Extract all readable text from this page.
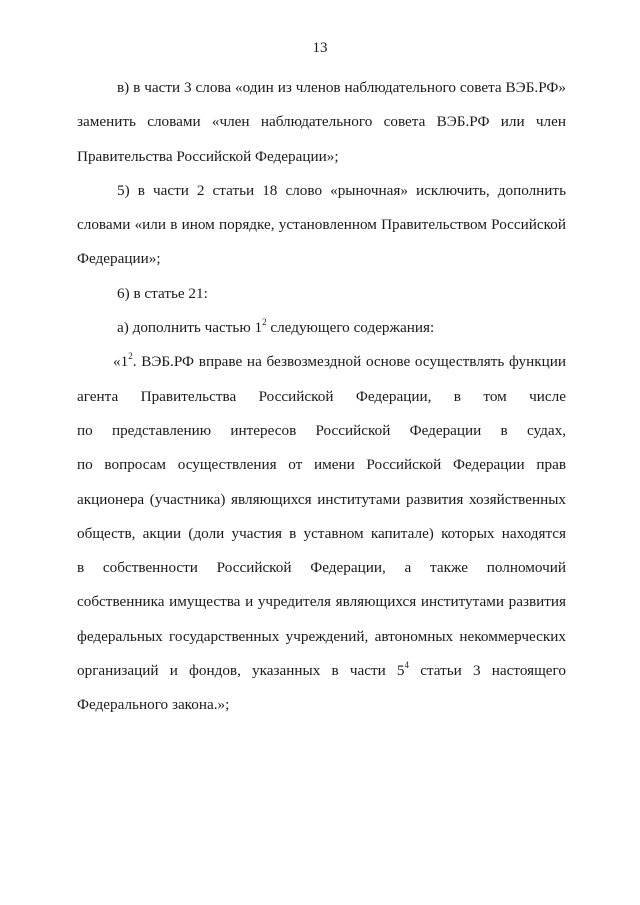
13
в) в части 3 слова «один из членов наблюдательного совета ВЭБ.РФ»
заменить словами «член наблюдательного совета ВЭБ.РФ или член
Правительства Российской Федерации»;
5) в части 2 статьи 18 слово «рыночная» исключить, дополнить
словами «или в ином порядке, установленном Правительством Российской
Федерации»;
6) в статье 21:
а) дополнить частью $1^2$ следующего содержания:
«$1^2$. ВЭБ.РФ вправе на безвозмездной основе осуществлять функции
агента Правительства Российской Федерации, в том числе
по представлению интересов Российской Федерации в судах,
по вопросам осуществления от имени Российской Федерации прав
акционера (участника) являющихся институтами развития хозяйственных
обществ, акции (доли участия в уставном капитале) которых находятся
в собственности Российской Федерации, а также полномочий
собственника имущества и учредителя являющихся институтами развития
федеральных государственных учреждений, автономных некоммерческих
организаций и фондов, указанных в части $5^4$ статьи 3 настоящего
Федерального закона.»;
